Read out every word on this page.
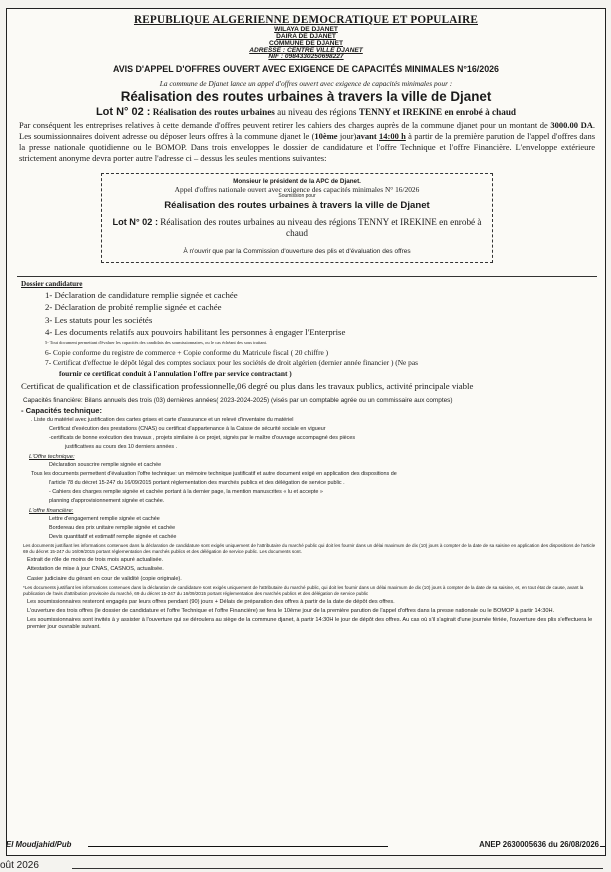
REPUBLIQUE ALGERIENNE DEMOCRATIQUE ET POPULAIRE
WILAYA DE DJANET
DAIRA DE DJANET
COMMUNE DE DJANET
ADRESSE : CENTRE VILLE DJANET
NIF : 0984330250698227
AVIS D'APPEL D'OFFRES OUVERT AVEC EXIGENCE DE CAPACITÉS MINIMALES N°16/2026
La commune de Djanet lance un appel d'offres ouvert avec exigence de capacités minimales pour :
Réalisation des routes urbaines à travers la ville de Djanet
Lot N° 02 : Réalisation des routes urbaines au niveau des régions TENNY et IREKINE en enrobé à chaud
Par conséquent les entreprises relatives à cette demande d'offres peuvent retirer les cahiers des charges auprès de la commune djanet pour un montant de 3000.00 DA. Les soumissionnaires doivent adresse ou déposer leurs offres à la commune djanet le (10ème jour)avant 14:00 h à partir de la première parution de l'appel d'offres dans la presse nationale quotidienne ou le BOMOP. Dans trois enveloppes le dossier de candidature et l'offre Technique et l'offre Financière. L'enveloppe extérieure strictement anonyme devra porter autre l'adresse ci – dessus les seules mentions suivantes:
Monsieur le président de la APC de Djanet.
Appel d'offres nationale ouvert avec exigence des capacités minimales N° 16/2026
Soumission pour
Réalisation des routes urbaines à travers la ville de Djanet
Lot N° 02 : Réalisation des routes urbaines au niveau des régions TENNY et IREKINE en enrobé à chaud
À n'ouvrir que par la Commission d'ouverture des plis et d'évaluation des offres
Dossier candidature
1- Déclaration de candidature remplie signée et cachée
2- Déclaration de probité remplie signée et cachée
3- Les statuts pour les sociétés
4- Les documents relatifs aux pouvoirs habilitant les personnes à engager l'Enterprise
5- Tout document permettant d'évaluer les capacités des candidats des soumissionnaires, ou le cas échéant des sous traitant.
6- Copie conforme du registre de commerce + Copie conforme du Matricule fiscal ( 20 chiffre )
7- Certificat d'effectue le dépôt légal des comptes sociaux pour les sociétés de droit algérien (dernier année financier ) (Ne pas
fournir ce certificat conduit à l'annulation l'offre par service contractant )
Certificat de qualification et de classification professionnelle,06 degré ou plus dans les travaux publics, activité principale viable
Capacités financière: Bilans annuels des trois (03) dernières années( 2023-2024-2025) (visés par un comptable agrée ou un commissaire aux comptes)
- Capacités technique:
. Liste du matériel avec justification des cartes grises et carte d'assurance et un relevé d'inventaire du matériel
Certificat d'exécution des prestations (CNAS) ou certificat d'appartenance à la Caisse de sécurité sociale en vigueur
-certificats de bonne exécution des travaux , projets similaire à ce projet, signés par le maître d'ouvrage accompagné des pièces
justificatives au cours des 10 derniers années .
L'Offre technique:
Déclaration souscrire remplie signée et cachée
Tous les documents permettent d'évaluation l'offre technique: un mémoire technique justificatif et autre document exigé en application des dispositions de
l'article 78 du décret 15-247 du 16/09/2015 portant réglementation des marchés publics et des délégation de service public .
- Cahiers des charges remplie signée et cachée portant à la dernier page, la mention manuscrites « lu et accepte »
planning d'approvisionnement signée et cachée.
L'offre financière:
Lettre d'engagement remplie signée et cachée
Bordereau des prix unitaire remplie signée et cachée
Devis quantitatif et estimatif remplie signée et cachée
Les documents justifiant les informations contenues dans la déclaration de candidature sont exigés uniquement de l'attributaire du marché public qui doit les fournir dans un délai maximum de dix (10) jours à compter de la date de sa saisine en application des dispositions de l'article 69 du décret 15-247 du 16/09/2015 portant réglementation des marchés publics et des délégation de service public. Les documents sont.
Extrait de rôle de moins de trois mois apuré actualisée.
Attestation de mise à jour CNAS, CASNOS, actualisée.
Casier judiciaire du gérant en cour de validité (copie originale).
*Les documents justifiant les informations contenues dans la déclaration de candidature sont exigés uniquement de l'attributaire du marché public, qui doit les fournir dans un délai maximum de dix (10) jours à compter de la date de sa saisine, et, en tout état de cause, avant la publication de l'avis d'attribution provisoire du marché, 69 du décret 15-247 du 16/09/2015 portant réglementation des marchés publics et des délégation de service public
Les soumissionnaires resteront engagés par leurs offres pendant (90) jours + Délais de préparation des offres à partir de la date de dépôt des offres.
L'ouverture des trois offres (le dossier de candidature et l'offre Technique et l'offre Financière) se fera le 10ème jour de la première parution de l'appel d'offres dans la presse nationale ou le BOMOP à partir 14:30H.
Les soumissionnaires sont invités à y assister à l'ouverture qui se déroulera au siège de la commune djanet, à partir 14:30H le jour de dépôt des offres. Au cas où s'il s'agirait d'une journée fériée, l'ouverture des plis s'effectuera le premier jour ouvrable suivant.
El Moudjahid/Pub	ANEP 2630005636 du 26/08/2026
oût 2026
